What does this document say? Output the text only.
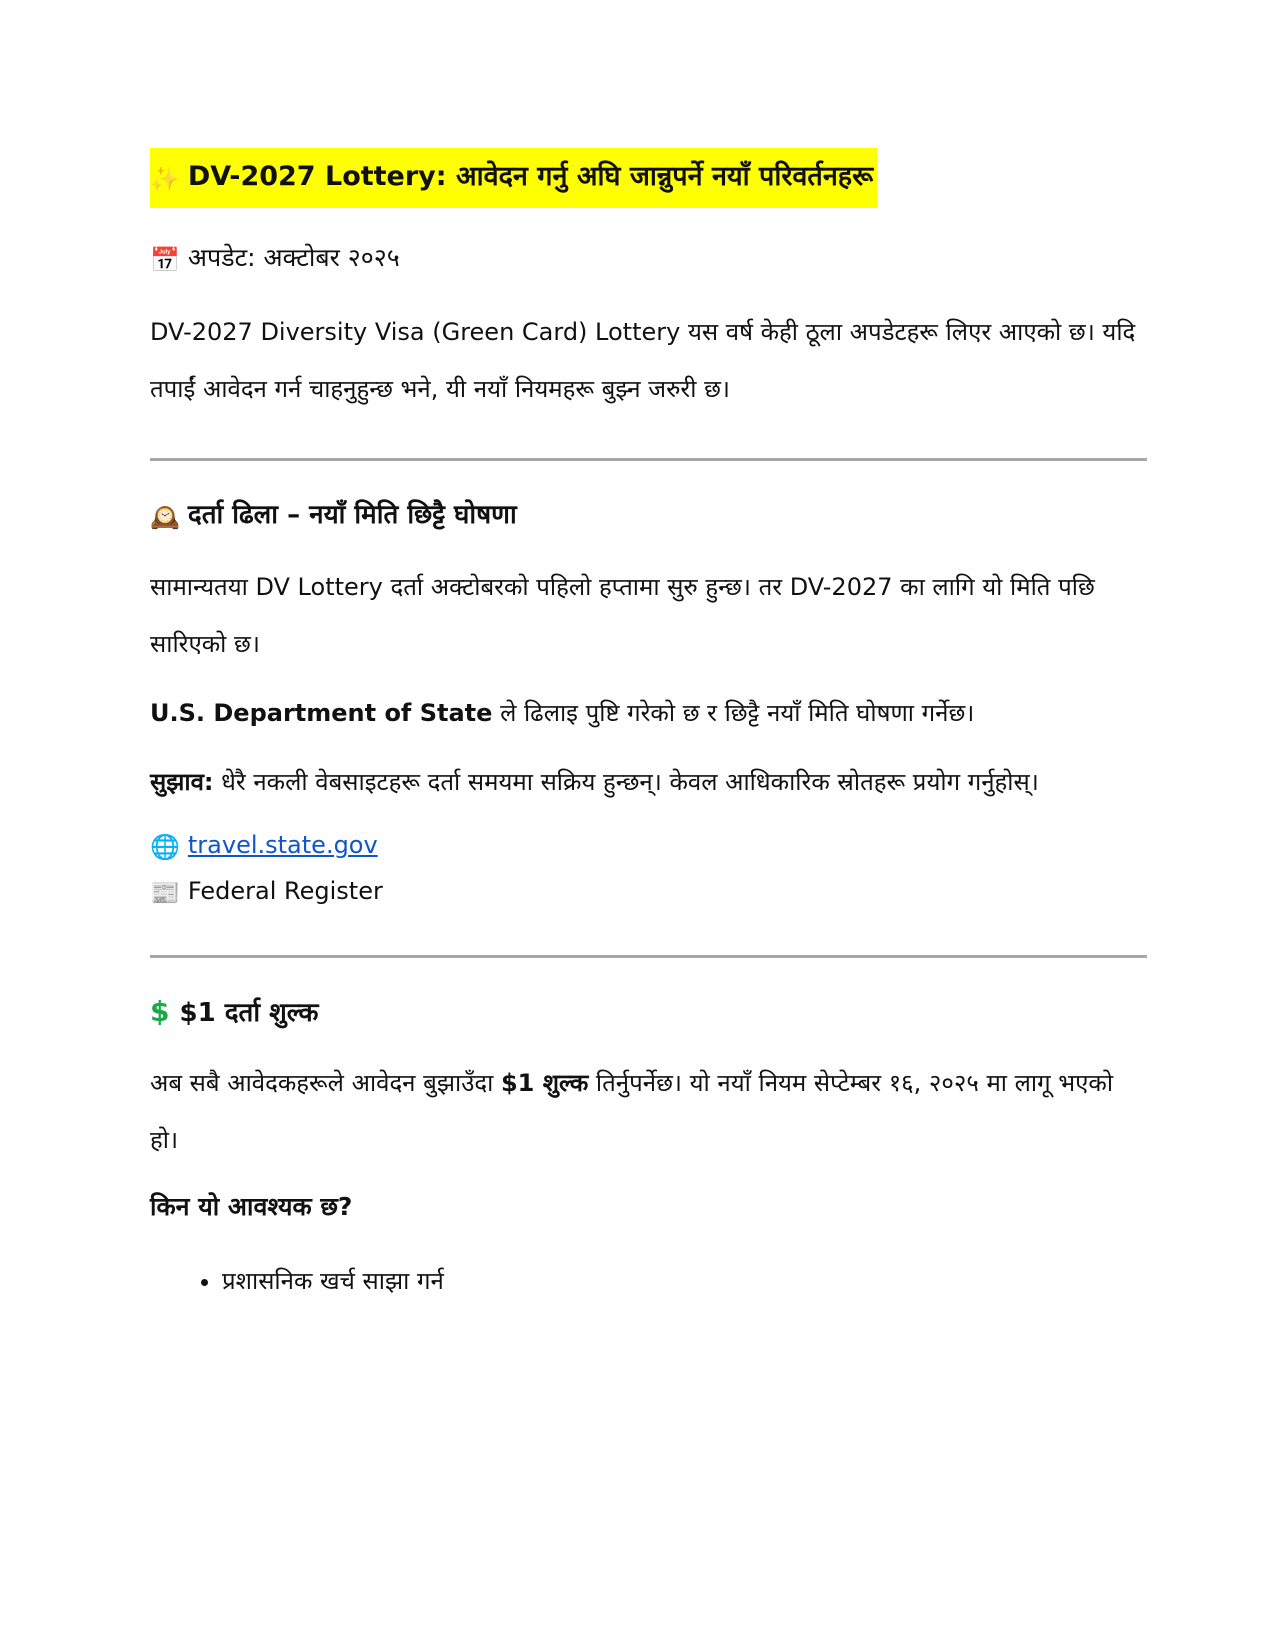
✨ DV-2027 Lottery: आवेदन गर्नु अघि जान्नुपर्ने नयाँ परिवर्तनहरू
📅 अपडेट: अक्टोबर २०२५

DV-2027 Diversity Visa (Green Card) Lottery यस वर्ष केही ठूला अपडेटहरू लिएर आएको छ। यदि तपाईं आवेदन गर्न चाहनुहुन्छ भने, यी नयाँ नियमहरू बुझ्न जरुरी छ।

🕰️ दर्ता ढिला – नयाँ मिति छिट्टै घोषणा

सामान्यतया DV Lottery दर्ता अक्टोबरको पहिलो हप्तामा सुरु हुन्छ। तर DV-2027 का लागि यो मिति पछि सारिएको छ।

U.S. Department of State ले ढिलाइ पुष्टि गरेको छ र छिट्टै नयाँ मिति घोषणा गर्नेछ।

सुझाव: धेरै नकली वेबसाइटहरू दर्ता समयमा सक्रिय हुन्छन्। केवल आधिकारिक स्रोतहरू प्रयोग गर्नुहोस्।

🌐 travel.state.gov
📰 Federal Register
$ $1 दर्ता शुल्क

अब सबै आवेदकहरूले आवेदन बुझाउँदा $1 शुल्क तिर्नुपर्नेछ। यो नयाँ नियम सेप्टेम्बर १६, २०२५ मा लागू भएको हो।

किन यो आवश्यक छ?
• प्रशासनिक खर्च साझा गर्न
